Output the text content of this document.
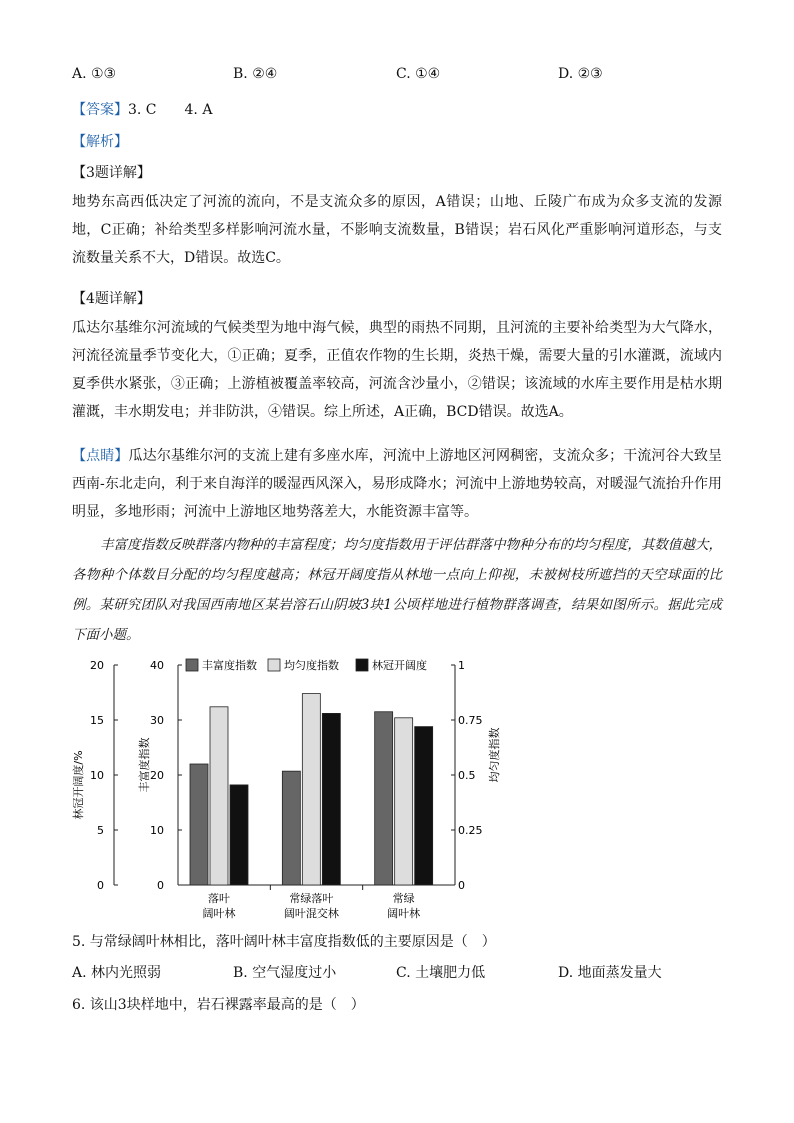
A. ①③	B. ②④	C. ①④	D. ②③
【答案】3. C　　4. A
【解析】
【3题详解】
地势东高西低决定了河流的流向，不是支流众多的原因，A错误；山地、丘陵广布成为众多支流的发源地，C正确；补给类型多样影响河流水量，不影响支流数量，B错误；岩石风化严重影响河道形态，与支流数量关系不大，D错误。故选C。
【4题详解】
瓜达尔基维尔河流域的气候类型为地中海气候，典型的雨热不同期，且河流的主要补给类型为大气降水，河流径流量季节变化大，①正确；夏季，正值农作物的生长期，炎热干燥，需要大量的引水灌溉，流域内夏季供水紧张，③正确；上游植被覆盖率较高，河流含沙量小，②错误；该流域的水库主要作用是枯水期灌溉，丰水期发电；并非防洪，④错误。综上所述，A正确，BCD错误。故选A。
【点睛】瓜达尔基维尔河的支流上建有多座水库，河流中上游地区河网稠密，支流众多；干流河谷大致呈西南-东北走向，利于来自海洋的暖湿西风深入，易形成降水；河流中上游地势较高，对暖湿气流抬升作用明显，多地形雨；河流中上游地区地势落差大，水能资源丰富等。
丰富度指数反映群落内物种的丰富程度；均匀度指数用于评估群落中物种分布的均匀程度，其数值越大，各物种个体数目分配的均匀程度越高；林冠开阔度指从林地一点向上仰视，未被树枝所遮挡的天空球面的比例。某研究团队对我国西南地区某岩溶石山阴坡3块1公顷样地进行植物群落调查，结果如图所示。据此完成下面小题。
20
15
10
5
0
40
30
20
10
0
1
0.75
0.5
0.25
0
林冠开阔度/%	丰富度指数	均匀度指数
落叶
阔叶林
常绿落叶
阔叶混交林
常绿
阔叶林
丰富度指数 均匀度指数	林冠开阔度
5. 与常绿阔叶林相比，落叶阔叶林丰富度指数低的主要原因是（　）
A. 林内光照弱	B. 空气湿度过小	C. 土壤肥力低	D. 地面蒸发量大
6. 该山3块样地中，岩石裸露率最高的是（　）
